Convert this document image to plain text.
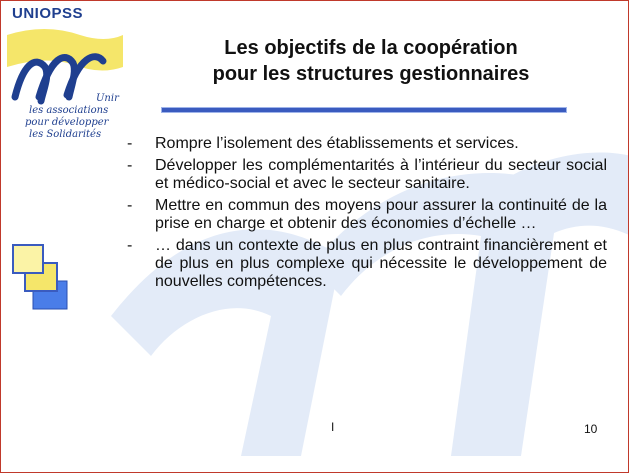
UNIOPSS
Unir
les associations
pour développer
les Solidarités
Les objectifs de la coopération
pour les structures gestionnaires
- Rompre l’isolement des établissements et services.
- Développer les complémentarités à l’intérieur du secteur social et médico-social et avec le secteur sanitaire.
- Mettre en commun des moyens pour assurer la continuité de la prise en charge et obtenir des économies d’échelle …
- … dans un contexte de plus en plus contraint financièrement et de plus en plus complexe qui nécessite le développement de nouvelles compétences.
I	10
